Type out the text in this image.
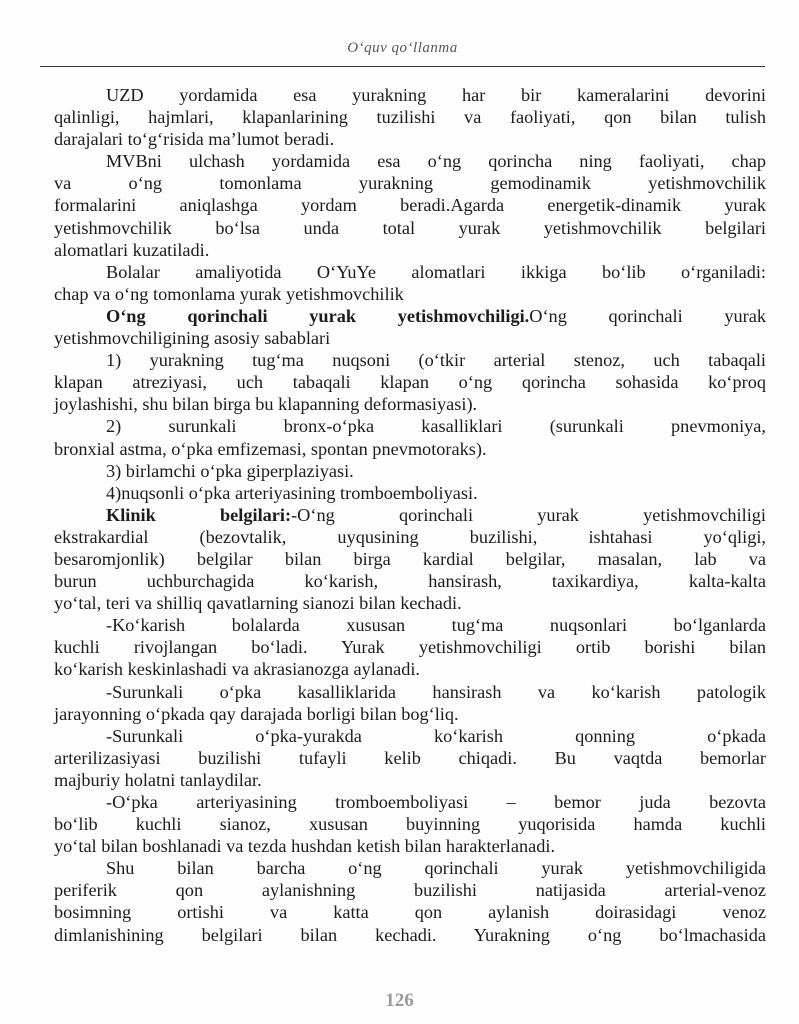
O‘quv qo‘llanma
UZD yordamida esa yurakning har bir kameralarini devorini
qalinligi, hajmlari, klapanlarining tuzilishi va faoliyati, qon bilan tulish
darajalari to‘g‘risida ma’lumot beradi.
MVBni ulchash yordamida esa o‘ng qorincha ning faoliyati, chap
va o‘ng tomonlama yurakning gemodinamik yetishmovchilik
formalarini aniqlashga yordam beradi.Agarda energetik-dinamik yurak
yetishmovchilik bo‘lsa unda total yurak yetishmovchilik belgilari
alomatlari kuzatiladi.
Bolalar amaliyotida O‘YuYe alomatlari ikkiga bo‘lib o‘rganiladi:
chap va o‘ng tomonlama yurak yetishmovchilik
O‘ng qorinchali yurak yetishmovchiligi.O‘ng qorinchali yurak
yetishmovchiligining asosiy sabablari
1) yurakning tug‘ma nuqsoni (o‘tkir arterial stenoz, uch tabaqali
klapan atreziyasi, uch tabaqali klapan o‘ng qorincha sohasida ko‘proq
joylashishi, shu bilan birga bu klapanning deformasiyasi).
2) surunkali bronx-o‘pka kasalliklari (surunkali pnevmoniya,
bronxial astma, o‘pka emfizemasi, spontan pnevmotoraks).
3) birlamchi o‘pka giperplaziyasi.
4)nuqsonli o‘pka arteriyasining tromboemboliyasi.
Klinik belgilari:-O‘ng qorinchali yurak yetishmovchiligi
ekstrakardial (bezovtalik, uyqusining buzilishi, ishtahasi yo‘qligi,
besaromjonlik) belgilar bilan birga kardial belgilar, masalan, lab va
burun uchburchagida ko‘karish, hansirash, taxikardiya, kalta-kalta
yo‘tal, teri va shilliq qavatlarning sianozi bilan kechadi.
-Ko‘karish bolalarda xususan tug‘ma nuqsonlari bo‘lganlarda
kuchli rivojlangan bo‘ladi. Yurak yetishmovchiligi ortib borishi bilan
ko‘karish keskinlashadi va akrasianozga aylanadi.
-Surunkali o‘pka kasalliklarida hansirash va ko‘karish patologik
jarayonning o‘pkada qay darajada borligi bilan bog‘liq.
-Surunkali o‘pka-yurakda ko‘karish qonning o‘pkada
arterilizasiyasi buzilishi tufayli kelib chiqadi. Bu vaqtda bemorlar
majburiy holatni tanlaydilar.
-O‘pka arteriyasining tromboemboliyasi – bemor juda bezovta
bo‘lib kuchli sianoz, xususan buyinning yuqorisida hamda kuchli
yo‘tal bilan boshlanadi va tezda hushdan ketish bilan harakterlanadi.
Shu bilan barcha o‘ng qorinchali yurak yetishmovchiligida
periferik qon aylanishning buzilishi natijasida arterial-venoz
bosimning ortishi va katta qon aylanish doirasidagi venoz
dimlanishining belgilari bilan kechadi. Yurakning o‘ng bo‘lmachasida
126
